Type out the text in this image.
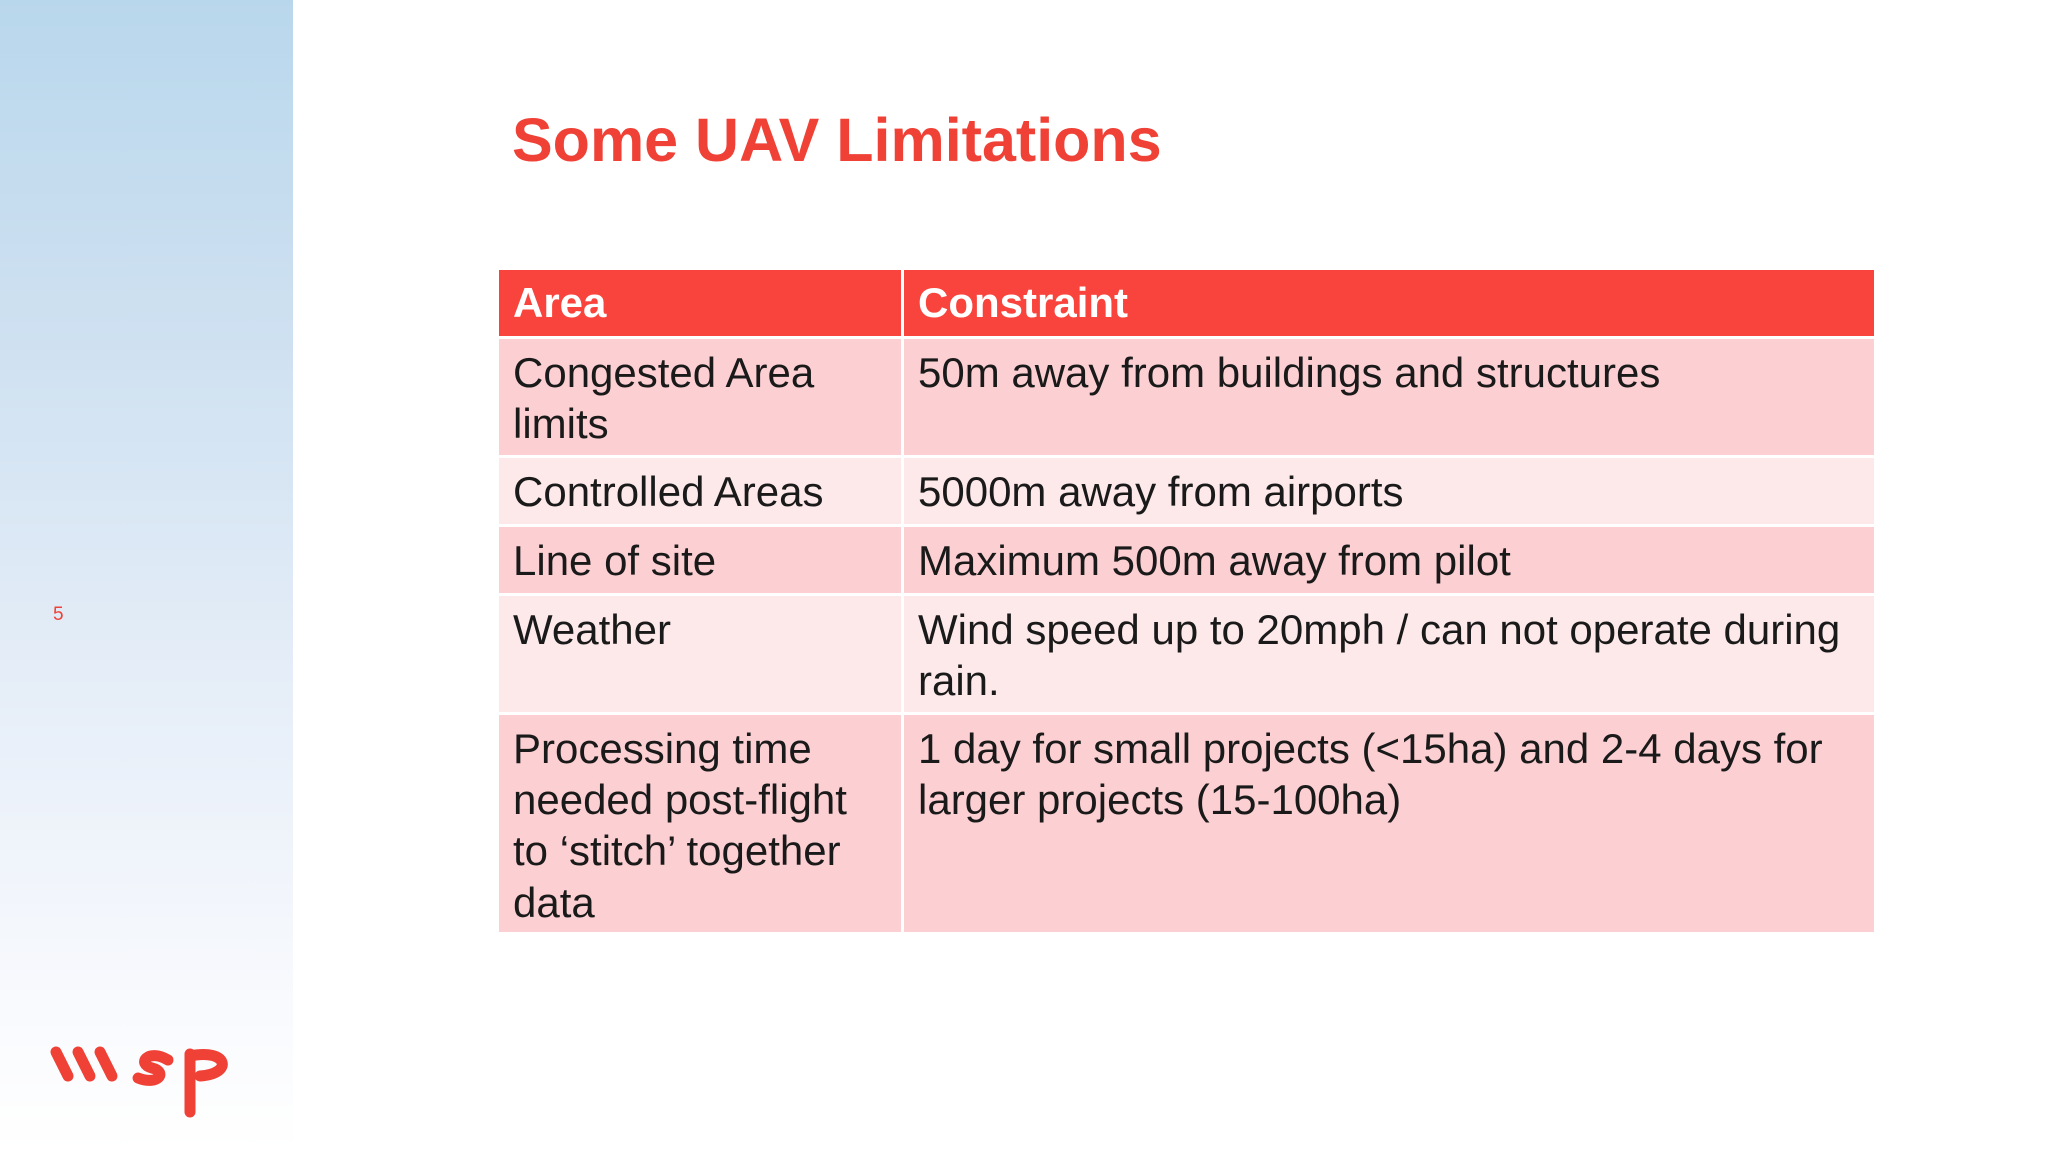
5
Some UAV Limitations
Area	Constraint
Congested Area limits	50m away from buildings and structures
Controlled Areas	5000m away from airports
Line of site	Maximum 500m away from pilot
Weather	Wind speed up to 20mph / can not operate during rain.
Processing time needed post-flight to ‘stitch’ together data	1 day for small projects (<15ha) and 2-4 days for larger projects (15-100ha)
